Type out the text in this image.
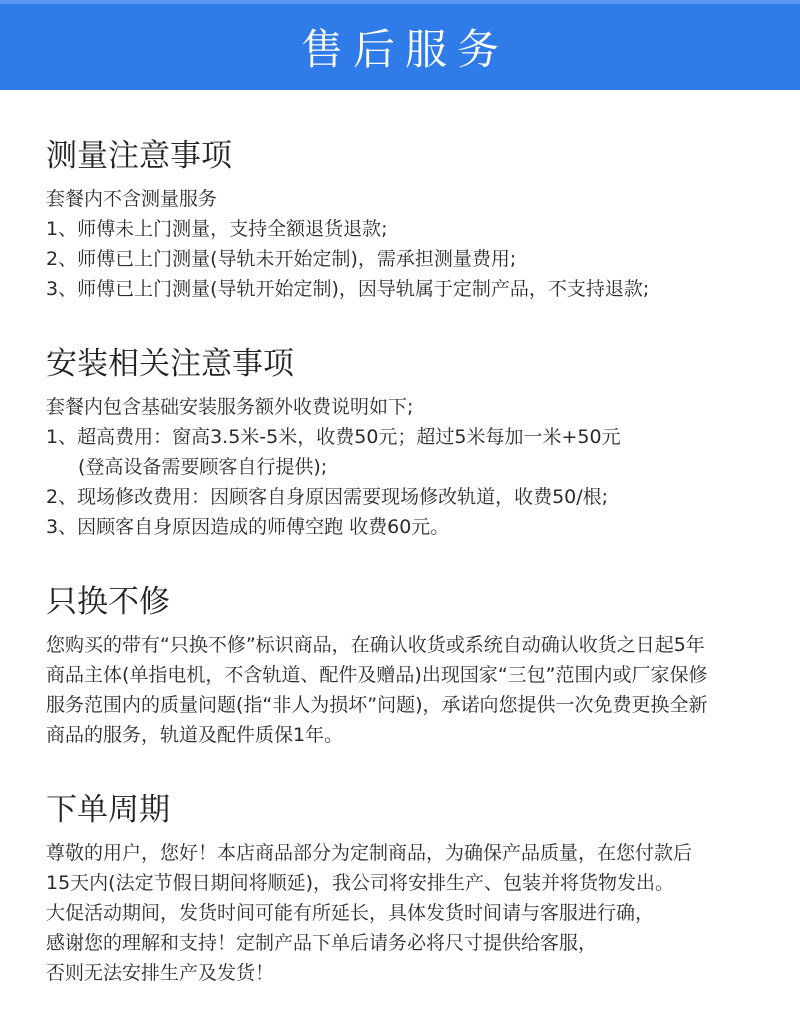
售后服务
测量注意事项
套餐内不含测量服务
1、师傅未上门测量，支持全额退货退款;
2、师傅已上门测量(导轨未开始定制)，需承担测量费用;
3、师傅已上门测量(导轨开始定制)，因导轨属于定制产品，不支持退款;
安装相关注意事项
套餐内包含基础安装服务额外收费说明如下;
1、超高费用：窗高3.5米-5米，收费50元；超过5米每加一米+50元
(登高设备需要顾客自行提供);
2、现场修改费用：因顾客自身原因需要现场修改轨道，收费50/根;
3、因顾客自身原因造成的师傅空跑 收费60元。
只换不修
您购买的带有“只换不修”标识商品，在确认收货或系统自动确认收货之日起5年
商品主体(单指电机，不含轨道、配件及赠品)出现国家“三包”范围内或厂家保修
服务范围内的质量问题(指“非人为损坏”问题)，承诺向您提供一次免费更换全新
商品的服务，轨道及配件质保1年。
下单周期
尊敬的用户，您好！本店商品部分为定制商品，为确保产品质量，在您付款后
15天内(法定节假日期间将顺延)，我公司将安排生产、包装并将货物发出。
大促活动期间，发货时间可能有所延长，具体发货时间请与客服进行确，
感谢您的理解和支持！定制产品下单后请务必将尺寸提供给客服，
否则无法安排生产及发货！
